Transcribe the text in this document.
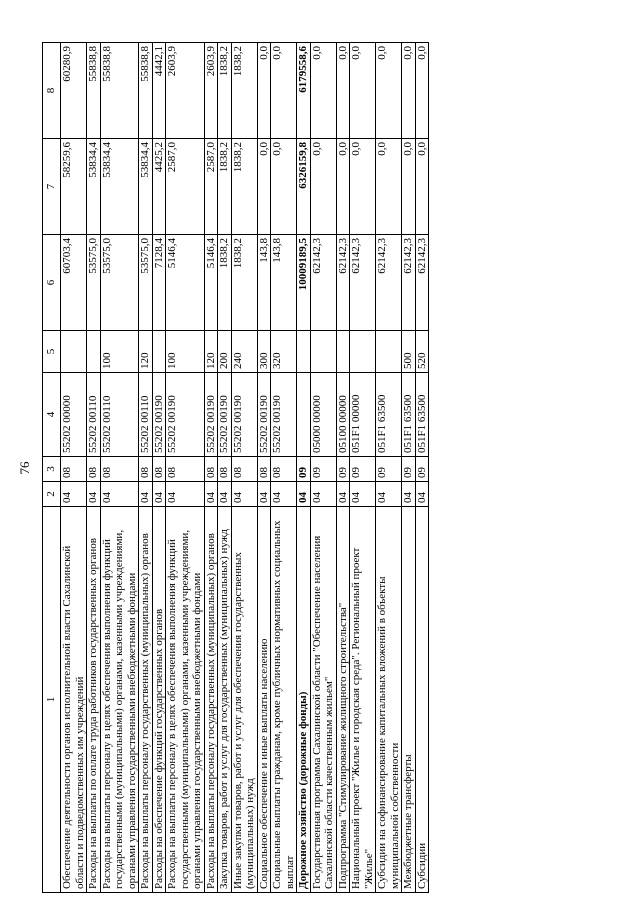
76
1	2	3	4	5	6	7	8
Обеспечение деятельности органов исполнительной власти Сахалинской области и подведомственных им учреждений	04	08	55202 00000		60703,4	58259,6	60280,9
Расходы на выплаты по оплате труда работников государственных органов	04	08	55202 00110		53575,0	53834,4	55838,8
Расходы на выплаты персоналу в целях обеспечения выполнения функций государственными (муниципальными) органами, казенными учреждениями, органами управления государственными внебюджетными фондами	04	08	55202 00110	100	53575,0	53834,4	55838,8
Расходы на выплаты персоналу государственных (муниципальных) органов	04	08	55202 00110	120	53575,0	53834,4	55838,8
Расходы на обеспечение функций государственных органов	04	08	55202 00190		7128,4	4425,2	4442,1
Расходы на выплаты персоналу в целях обеспечения выполнения функций государственными (муниципальными) органами, казенными учреждениями, органами управления государственными внебюджетными фондами	04	08	55202 00190	100	5146,4	2587,0	2603,9
Расходы на выплаты персоналу государственных (муниципальных) органов	04	08	55202 00190	120	5146,4	2587,0	2603,9
Закупка товаров, работ и услуг для государственных (муниципальных) нужд	04	08	55202 00190	200	1838,2	1838,2	1838,2
Иные закупки товаров, работ и услуг для обеспечения государственных (муниципальных) нужд	04	08	55202 00190	240	1838,2	1838,2	1838,2
Социальное обеспечение и иные выплаты населению	04	08	55202 00190	300	143,8	0,0	0,0
Социальные выплаты гражданам, кроме публичных нормативных социальных выплат	04	08	55202 00190	320	143,8	0,0	0,0
Дорожное хозяйство (дорожные фонды)	04	09			10009189,5	6326159,8	6179558,6
Государственная программа Сахалинской области "Обеспечение населения Сахалинской области качественным жильем"	04	09	05000 00000		62142,3	0,0	0,0
Подпрограмма "Стимулирование жилищного строительства"	04	09	05100 00000		62142,3	0,0	0,0
Национальный проект "Жилье и городская среда". Региональный проект "Жилье"	04	09	051F1 00000		62142,3	0,0	0,0
Субсидии на софинансирование капитальных вложений в объекты муниципальной собственности	04	09	051F1 63500		62142,3	0,0	0,0
Межбюджетные трансферты	04	09	051F1 63500	500	62142,3	0,0	0,0
Субсидии	04	09	051F1 63500	520	62142,3	0,0	0,0
